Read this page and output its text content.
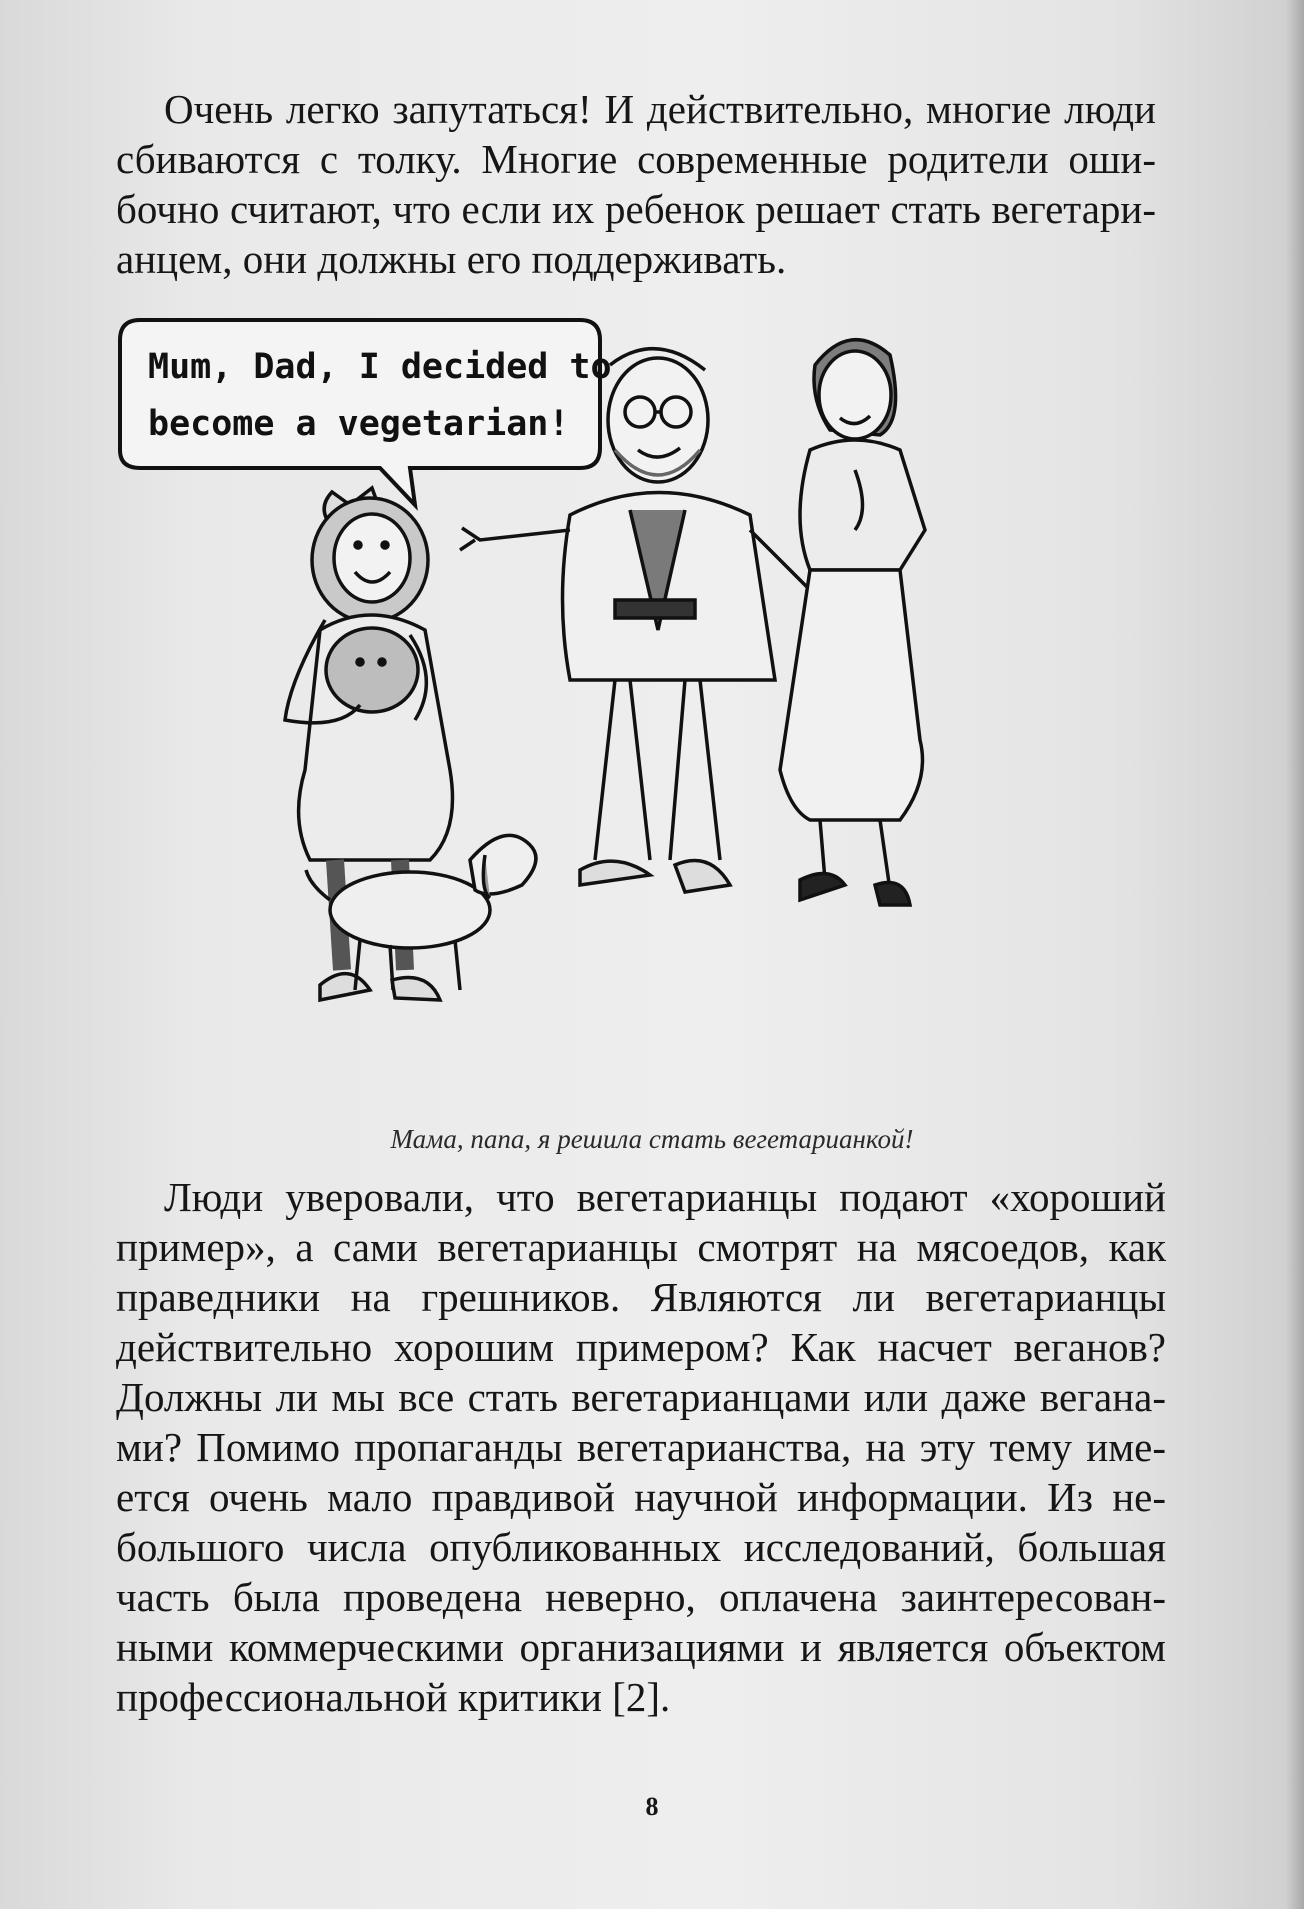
Очень легко запутаться! И действительно, многие люди
сбиваются с толку. Многие современные родители оши-
бочно считают, что если их ребенок решает стать вегетари-
анцем, они должны его поддерживать.
Mum, Dad, I decided to
become a vegetarian!
Мама, папа, я решила стать вегетарианкой!
Люди уверовали, что вегетарианцы подают «хороший
пример», а сами вегетарианцы смотрят на мясоедов, как
праведники на грешников. Являются ли вегетарианцы
действительно хорошим примером? Как насчет веганов?
Должны ли мы все стать вегетарианцами или даже вегана-
ми? Помимо пропаганды вегетарианства, на эту тему име-
ется очень мало правдивой научной информации. Из не-
большого числа опубликованных исследований, большая
часть была проведена неверно, оплачена заинтересован-
ными коммерческими организациями и является объектом
профессиональной критики [2].
8
